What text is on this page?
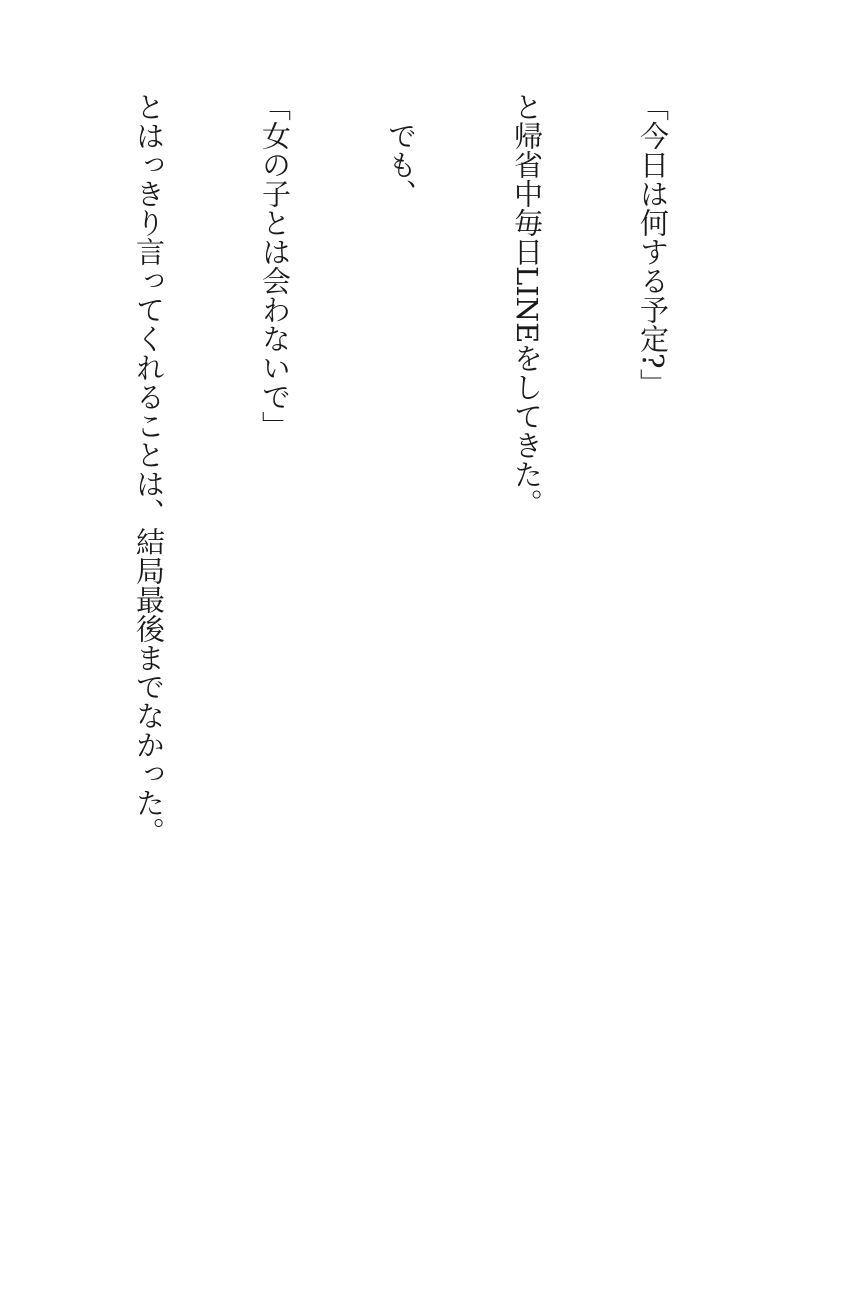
「今日は何する予定?」

と帰省中毎日LINEをしてきた。

　でも、

「女の子とは会わないで」

とはっきり言ってくれることは、結局最後までなかった。
